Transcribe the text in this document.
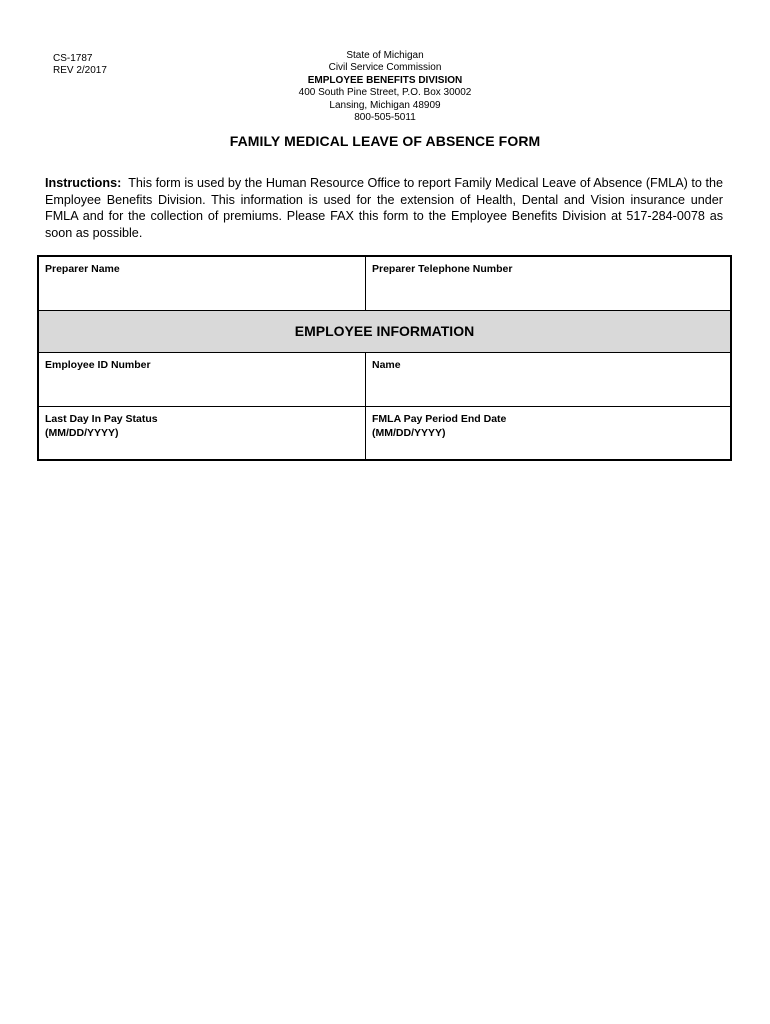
CS-1787
REV 2/2017
State of Michigan
Civil Service Commission
EMPLOYEE BENEFITS DIVISION
400 South Pine Street, P.O. Box 30002
Lansing, Michigan 48909
800-505-5011
FAMILY MEDICAL LEAVE OF ABSENCE FORM
Instructions: This form is used by the Human Resource Office to report Family Medical Leave of Absence (FMLA) to the Employee Benefits Division. This information is used for the extension of Health, Dental and Vision insurance under FMLA and for the collection of premiums. Please FAX this form to the Employee Benefits Division at 517-284-0078 as soon as possible.
Preparer Name	Preparer Telephone Number
EMPLOYEE INFORMATION
Employee ID Number	Name
Last Day In Pay Status
(MM/DD/YYYY)
FMLA Pay Period End Date
(MM/DD/YYYY)
